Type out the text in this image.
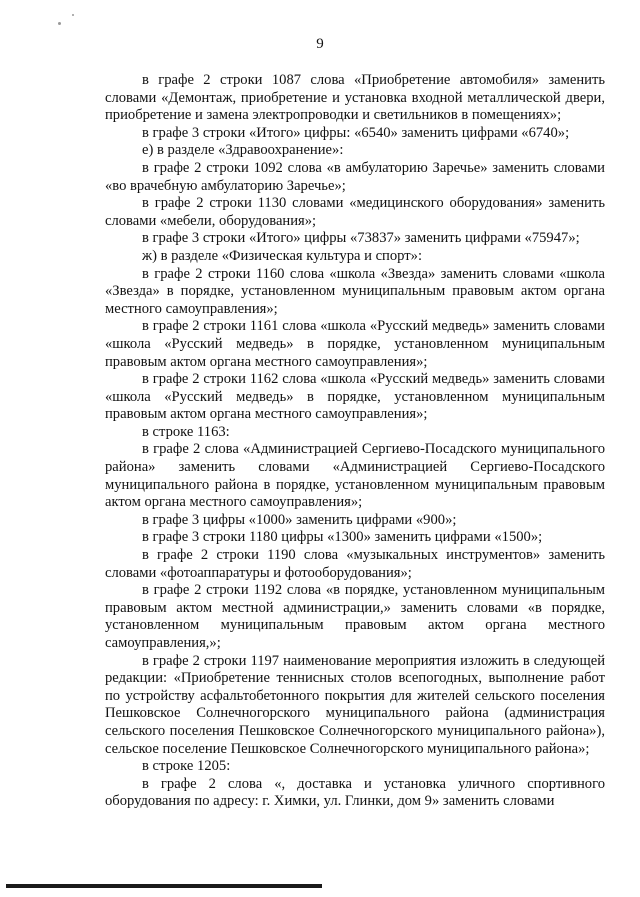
9

в графе 2 строки 1087 слова «Приобретение автомобиля» заменить словами «Демонтаж, приобретение и установка входной металлической двери, приобретение и замена электропроводки и светильников в помещениях»;

в графе 3 строки «Итого» цифры: «6540» заменить цифрами «6740»;

е) в разделе «Здравоохранение»:

в графе 2 строки 1092 слова «в амбулаторию Заречье» заменить словами «во врачебную амбулаторию Заречье»;

в графе 2 строки 1130 словами «медицинского оборудования» заменить словами «мебели, оборудования»;

в графе 3 строки «Итого» цифры «73837» заменить цифрами «75947»;

ж) в разделе «Физическая культура и спорт»:

в графе 2 строки 1160 слова «школа «Звезда» заменить словами «школа «Звезда» в порядке, установленном муниципальным правовым актом органа местного самоуправления»;

в графе 2 строки 1161 слова «школа «Русский медведь» заменить словами «школа «Русский медведь» в порядке, установленном муниципальным правовым актом органа местного самоуправления»;

в графе 2 строки 1162 слова «школа «Русский медведь» заменить словами «школа «Русский медведь» в порядке, установленном муниципальным правовым актом органа местного самоуправления»;

в строке 1163:

в графе 2 слова «Администрацией Сергиево-Посадского муниципального района» заменить словами «Администрацией Сергиево-Посадского муниципального района в порядке, установленном муниципальным правовым актом органа местного самоуправления»;

в графе 3 цифры «1000» заменить цифрами «900»;

в графе 3 строки 1180 цифры «1300» заменить цифрами «1500»;

в графе 2 строки 1190 слова «музыкальных инструментов» заменить словами «фотоаппаратуры и фотооборудования»;

в графе 2 строки 1192 слова «в порядке, установленном муниципальным правовым актом местной администрации,» заменить словами «в порядке, установленном муниципальным правовым актом органа местного самоуправления,»;

в графе 2 строки 1197 наименование мероприятия изложить в следующей редакции: «Приобретение теннисных столов всепогодных, выполнение работ по устройству асфальтобетонного покрытия для жителей сельского поселения Пешковское Солнечногорского муниципального района (администрация сельского поселения Пешковское Солнечногорского муниципального района»), сельское поселение Пешковское Солнечногорского муниципального района»;

в строке 1205:

в графе 2 слова «, доставка и установка уличного спортивного оборудования по адресу: г. Химки, ул. Глинки, дом 9» заменить словами
